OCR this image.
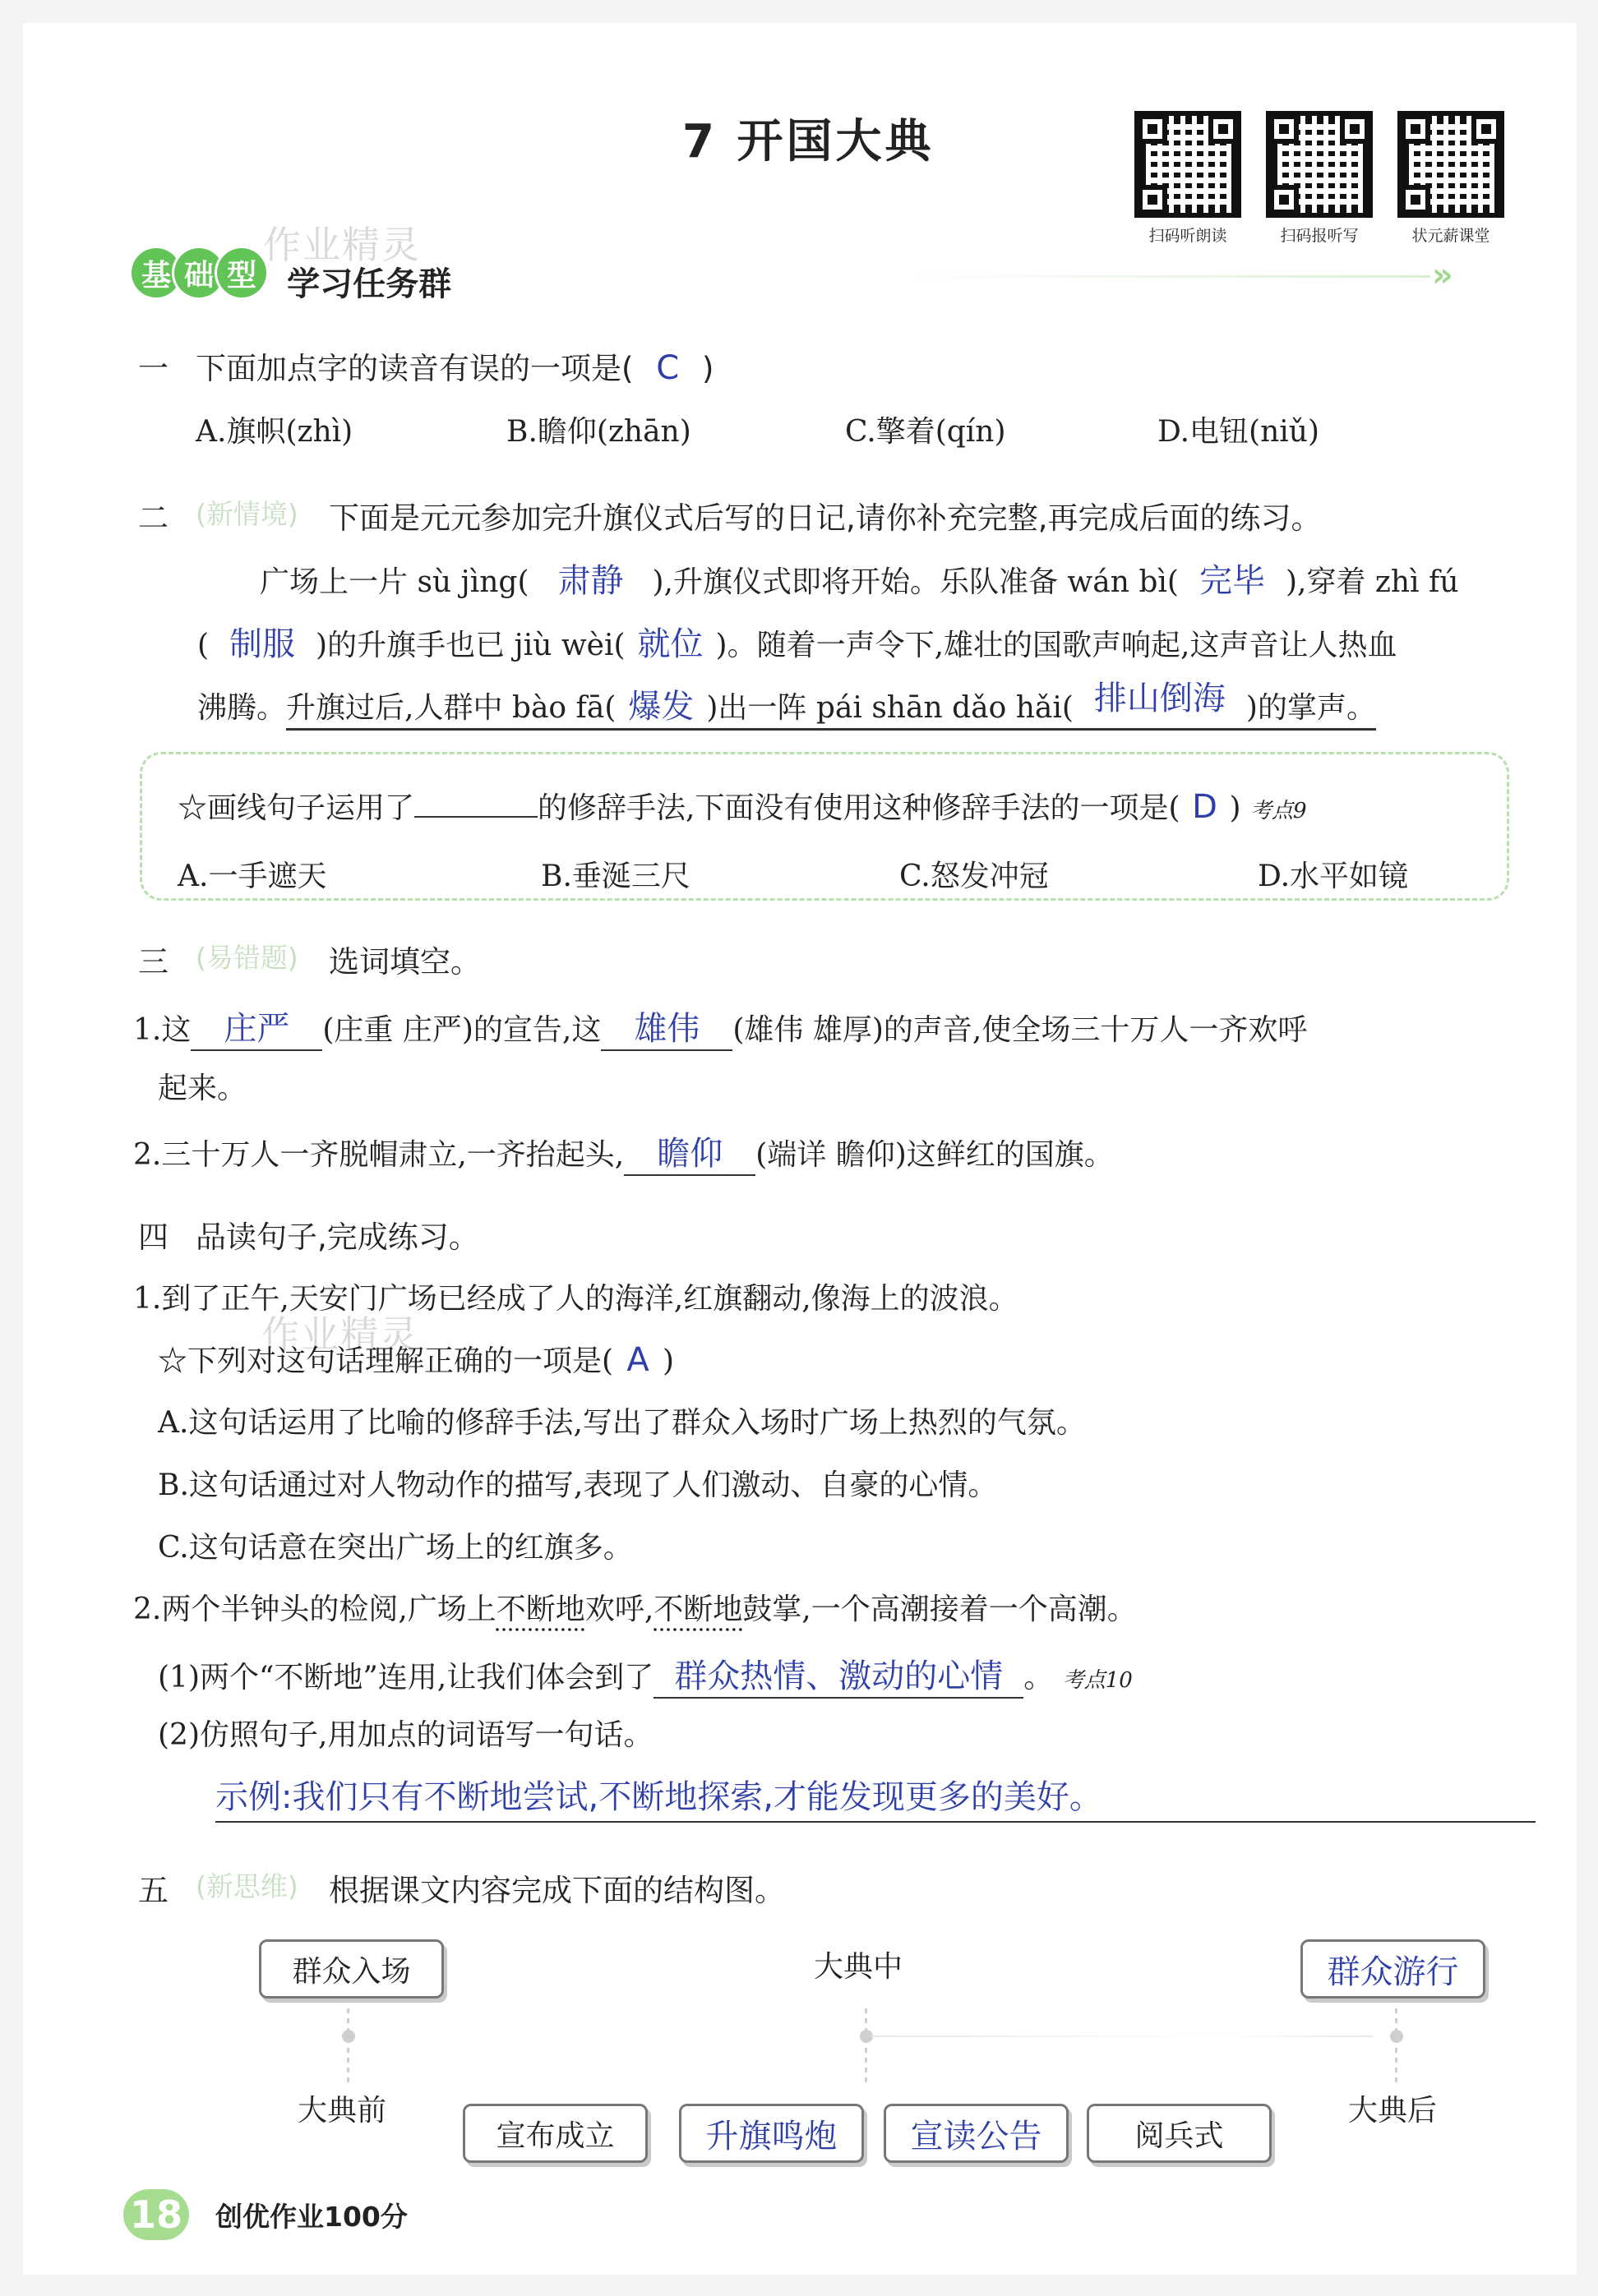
7 开国大典
扫码听朗读	扫码报听写	状元薪课堂
基 础 型 学习任务群
作业精灵
»
一 下面加点字的读音有误的一项是( C )
A.旗帜(zhì)	B.瞻仰(zhān)	C.擎着(qín)	D.电钮(niǔ)
二 (新情境) 下面是元元参加完升旗仪式后写的日记,请你补充完整,再完成后面的练习。
广场上一片 sù jìng( 肃静 ),升旗仪式即将开始。乐队准备 wán bì( 完毕 ),穿着 zhì fú
( 制服 )的升旗手也已 jiù wèi( 就位 )。随着一声令下,雄壮的国歌声响起,这声音让人热血
沸腾。升旗过后,人群中 bào fā( 爆发 )出一阵 pái shān dǎo hǎi( 排山倒海 )的掌声。
☆画线句子运用了	的修辞手法,下面没有使用这种修辞手法的一项是( D ) 考点9
A.一手遮天	B.垂涎三尺	C.怒发冲冠	D.水平如镜
三 (易错题) 选词填空。
1.这 庄严 (庄重 庄严)的宣告,这 雄伟 (雄伟 雄厚)的声音,使全场三十万人一齐欢呼
起来。
2.三十万人一齐脱帽肃立,一齐抬起头, 瞻仰 (端详 瞻仰)这鲜红的国旗。
四 品读句子,完成练习。
1.到了正午,天安门广场已经成了人的海洋,红旗翻动,像海上的波浪。
作业精灵
☆下列对这句话理解正确的一项是( A )
A.这句话运用了比喻的修辞手法,写出了群众入场时广场上热烈的气氛。
B.这句话通过对人物动作的描写,表现了人们激动、自豪的心情。
C.这句话意在突出广场上的红旗多。
2.两个半钟头的检阅,广场上不断地欢呼,不断地鼓掌,一个高潮接着一个高潮。
(1)两个“不断地”连用,让我们体会到了 群众热情、激动的心情 。 考点10
(2)仿照句子,用加点的词语写一句话。
示例:我们只有不断地尝试,不断地探索,才能发现更多的美好。
五 (新思维) 根据课文内容完成下面的结构图。
群众入场	大典中	群众游行
大典前	大典后
宣布成立	升旗鸣炮	宣读公告	阅兵式
18 创优作业100分
